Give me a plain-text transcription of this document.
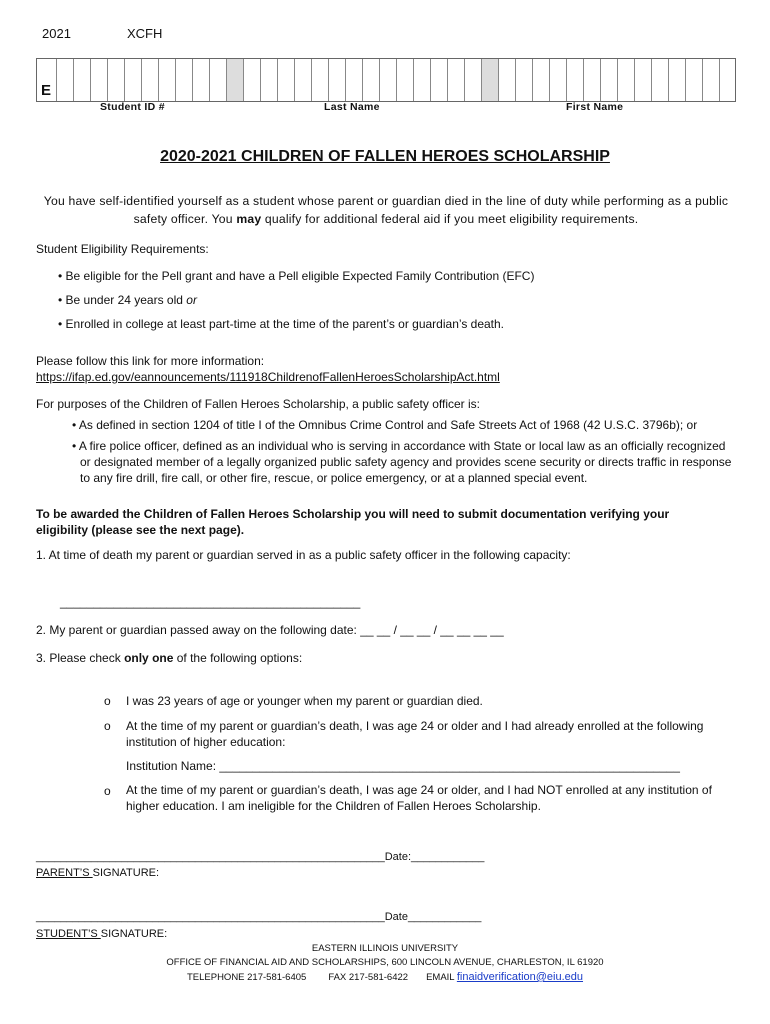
2021	XCFH
E
Student ID #	Last Name	First Name
2020-2021 CHILDREN OF FALLEN HEROES SCHOLARSHIP
You have self-identified yourself as a student whose parent or guardian died in the line of duty while performing as a public safety officer. You may qualify for additional federal aid if you meet eligibility requirements.
Student Eligibility Requirements:
• Be eligible for the Pell grant and have a Pell eligible Expected Family Contribution (EFC)
• Be under 24 years old or
• Enrolled in college at least part-time at the time of the parent’s or guardian’s death.
Please follow this link for more information:
https://ifap.ed.gov/eannouncements/111918ChildrenofFallenHeroesScholarshipAct.html
For purposes of the Children of Fallen Heroes Scholarship, a public safety officer is:
• As defined in section 1204 of title I of the Omnibus Crime Control and Safe Streets Act of 1968 (42 U.S.C. 3796b); or
• A fire police officer, defined as an individual who is serving in accordance with State or local law as an officially recognized or designated member of a legally organized public safety agency and provides scene security or directs traffic in response to any fire drill, fire call, or other fire, rescue, or police emergency, or at a planned special event.
To be awarded the Children of Fallen Heroes Scholarship you will need to submit documentation verifying your eligibility (please see the next page).
1. At time of death my parent or guardian served in as a public safety officer in the following capacity:
_____________________________________________
2. My parent or guardian passed away on the following date: __ __ / __ __ / __ __ __ __
3. Please check only one of the following options:
o I was 23 years of age or younger when my parent or guardian died.
o At the time of my parent or guardian’s death, I was age 24 or older and I had already enrolled at the following institution of higher education:
Institution Name: _____________________________________________________________________
o At the time of my parent or guardian’s death, I was age 24 or older, and I had NOT enrolled at any institution of higher education. I am ineligible for the Children of Fallen Heroes Scholarship.
_________________________________________________________Date:____________
PARENT’S SIGNATURE:
_________________________________________________________Date____________
STUDENT’S SIGNATURE:
EASTERN ILLINOIS UNIVERSITY
OFFICE OF FINANCIAL AID AND SCHOLARSHIPS, 600 LINCOLN AVENUE, CHARLESTON, IL 61920
TELEPHONE 217-581-6405 FAX 217-581-6422 EMAIL finaidverification@eiu.edu
